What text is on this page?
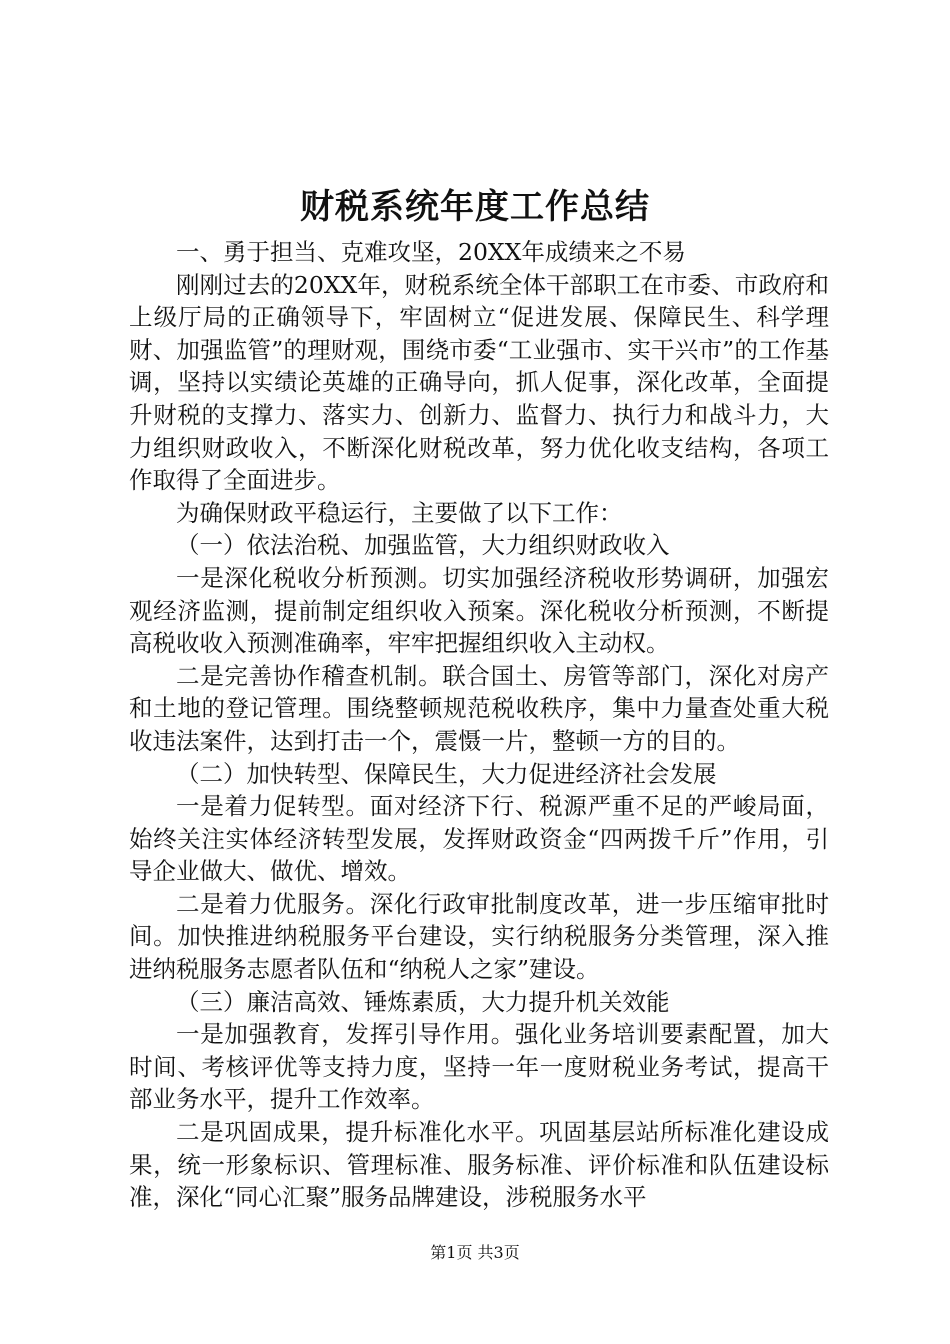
财税系统年度工作总结

一、勇于担当、克难攻坚，20XX年成绩来之不易

刚刚过去的20XX年，财税系统全体干部职工在市委、市政府和上级厅局的正确领导下，牢固树立“促进发展、保障民生、科学理财、加强监管”的理财观，围绕市委“工业强市、实干兴市”的工作基调，坚持以实绩论英雄的正确导向，抓人促事，深化改革，全面提升财税的支撑力、落实力、创新力、监督力、执行力和战斗力，大力组织财政收入，不断深化财税改革，努力优化收支结构，各项工作取得了全面进步。

为确保财政平稳运行，主要做了以下工作：

（一）依法治税、加强监管，大力组织财政收入

一是深化税收分析预测。切实加强经济税收形势调研，加强宏观经济监测，提前制定组织收入预案。深化税收分析预测，不断提高税收收入预测准确率，牢牢把握组织收入主动权。

二是完善协作稽查机制。联合国土、房管等部门，深化对房产和土地的登记管理。围绕整顿规范税收秩序，集中力量查处重大税收违法案件，达到打击一个，震慑一片，整顿一方的目的。

（二）加快转型、保障民生，大力促进经济社会发展

一是着力促转型。面对经济下行、税源严重不足的严峻局面，始终关注实体经济转型发展，发挥财政资金“四两拨千斤”作用，引导企业做大、做优、增效。

二是着力优服务。深化行政审批制度改革，进一步压缩审批时间。加快推进纳税服务平台建设，实行纳税服务分类管理，深入推进纳税服务志愿者队伍和“纳税人之家”建设。

（三）廉洁高效、锤炼素质，大力提升机关效能

一是加强教育，发挥引导作用。强化业务培训要素配置，加大时间、考核评优等支持力度，坚持一年一度财税业务考试，提高干部业务水平，提升工作效率。

二是巩固成果，提升标准化水平。巩固基层站所标准化建设成果，统一形象标识、管理标准、服务标准、评价标准和队伍建设标准，深化“同心汇聚”服务品牌建设，涉税服务水平

第1页 共3页
